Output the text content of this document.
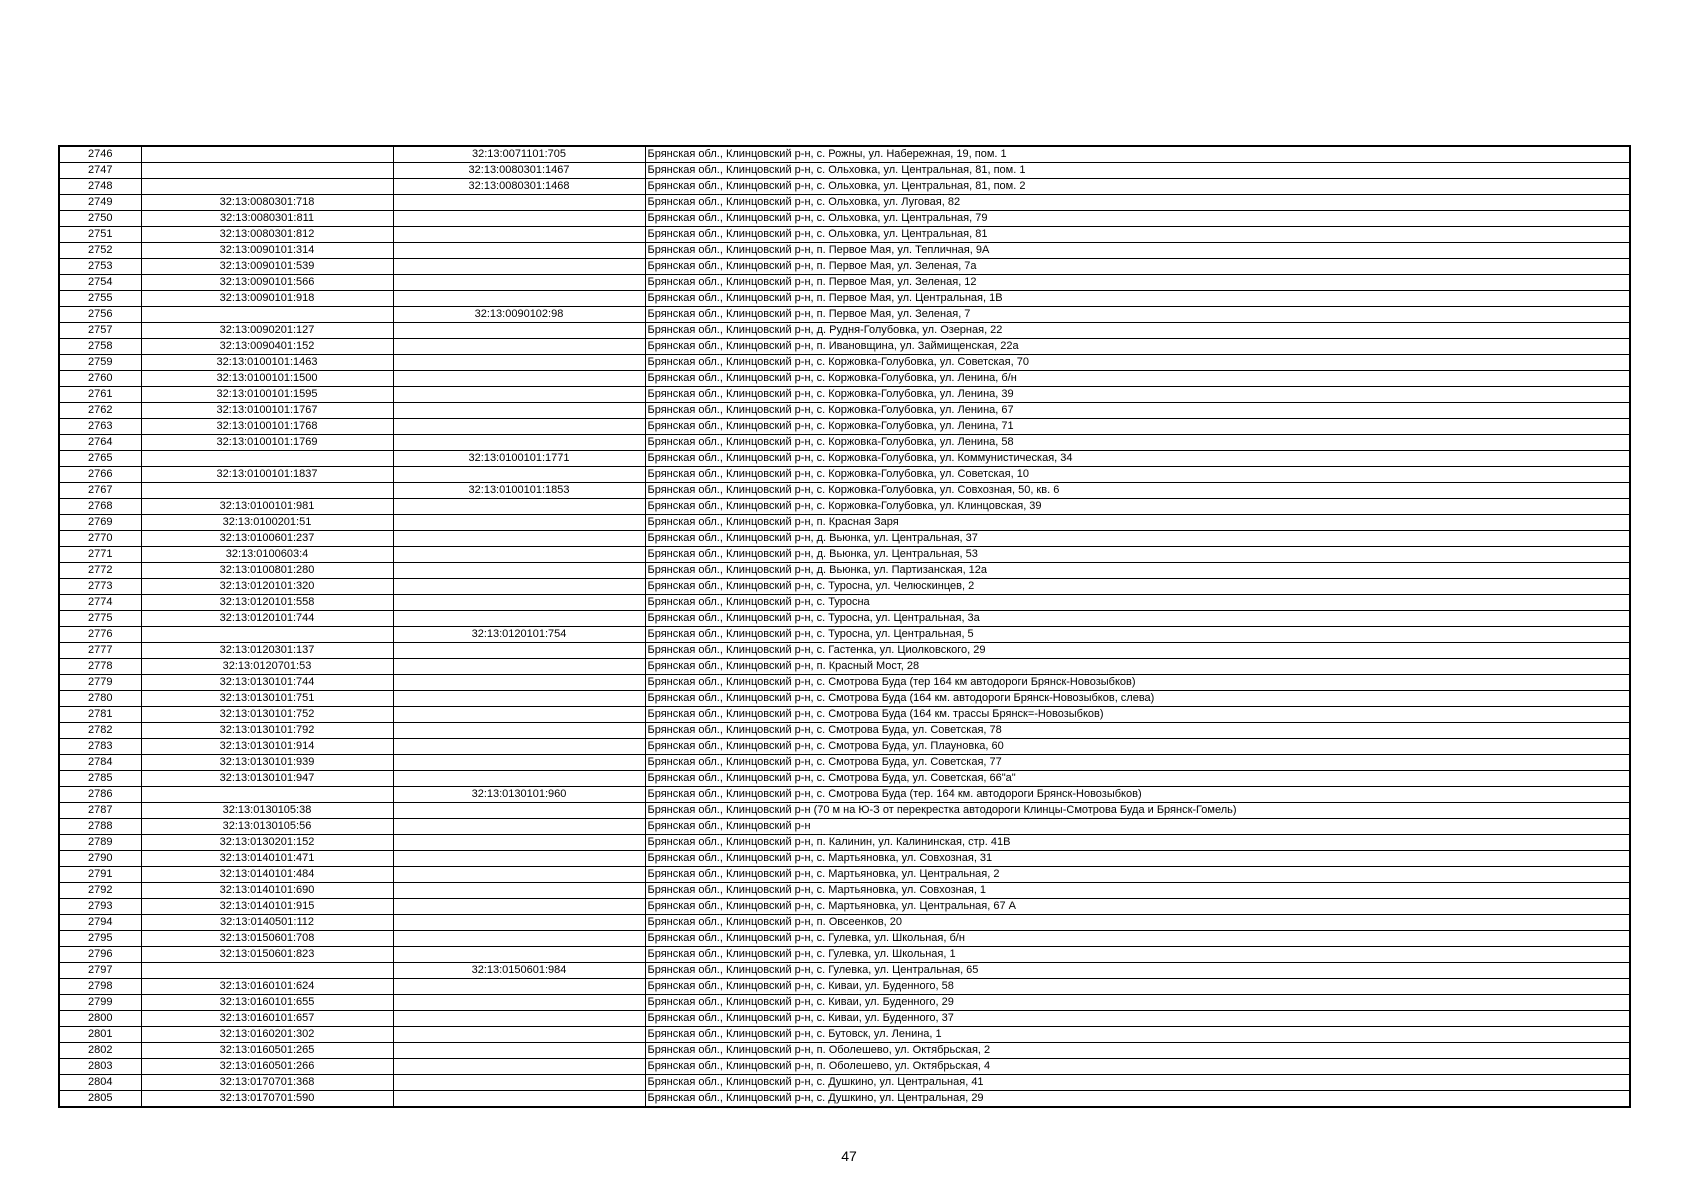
2746		32:13:0071101:705	Брянская обл., Клинцовский р-н, с. Рожны, ул. Набережная, 19, пом. 1
2747		32:13:0080301:1467	Брянская обл., Клинцовский р-н, с. Ольховка, ул. Центральная, 81, пом. 1
2748		32:13:0080301:1468	Брянская обл., Клинцовский р-н, с. Ольховка, ул. Центральная, 81, пом. 2
2749	32:13:0080301:718		Брянская обл., Клинцовский р-н, с. Ольховка, ул. Луговая, 82
2750	32:13:0080301:811		Брянская обл., Клинцовский р-н, с. Ольховка, ул. Центральная, 79
2751	32:13:0080301:812		Брянская обл., Клинцовский р-н, с. Ольховка, ул. Центральная, 81
2752	32:13:0090101:314		Брянская обл., Клинцовский р-н, п. Первое Мая, ул. Тепличная, 9А
2753	32:13:0090101:539		Брянская обл., Клинцовский р-н, п. Первое Мая, ул. Зеленая, 7а
2754	32:13:0090101:566		Брянская обл., Клинцовский р-н, п. Первое Мая, ул. Зеленая, 12
2755	32:13:0090101:918		Брянская обл., Клинцовский р-н, п. Первое Мая, ул. Центральная, 1В
2756		32:13:0090102:98	Брянская обл., Клинцовский р-н, п. Первое Мая, ул. Зеленая, 7
2757	32:13:0090201:127		Брянская обл., Клинцовский р-н, д. Рудня-Голубовка, ул. Озерная, 22
2758	32:13:0090401:152		Брянская обл., Клинцовский р-н, п. Ивановщина, ул. Займищенская, 22а
2759	32:13:0100101:1463		Брянская обл., Клинцовский р-н, с. Коржовка-Голубовка, ул. Советская, 70
2760	32:13:0100101:1500		Брянская обл., Клинцовский р-н, с. Коржовка-Голубовка, ул. Ленина, б/н
2761	32:13:0100101:1595		Брянская обл., Клинцовский р-н, с. Коржовка-Голубовка, ул. Ленина, 39
2762	32:13:0100101:1767		Брянская обл., Клинцовский р-н, с. Коржовка-Голубовка, ул. Ленина, 67
2763	32:13:0100101:1768		Брянская обл., Клинцовский р-н, с. Коржовка-Голубовка, ул. Ленина, 71
2764	32:13:0100101:1769		Брянская обл., Клинцовский р-н, с. Коржовка-Голубовка, ул. Ленина, 58
2765		32:13:0100101:1771	Брянская обл., Клинцовский р-н, с. Коржовка-Голубовка, ул. Коммунистическая, 34
2766	32:13:0100101:1837		Брянская обл., Клинцовский р-н, с. Коржовка-Голубовка, ул. Советская, 10
2767		32:13:0100101:1853	Брянская обл., Клинцовский р-н, с. Коржовка-Голубовка, ул. Совхозная, 50, кв. 6
2768	32:13:0100101:981		Брянская обл., Клинцовский р-н, с. Коржовка-Голубовка, ул. Клинцовская, 39
2769	32:13:0100201:51		Брянская обл., Клинцовский р-н, п. Красная Заря
2770	32:13:0100601:237		Брянская обл., Клинцовский р-н, д. Вьюнка, ул. Центральная, 37
2771	32:13:0100603:4		Брянская обл., Клинцовский р-н, д. Вьюнка, ул. Центральная, 53
2772	32:13:0100801:280		Брянская обл., Клинцовский р-н, д. Вьюнка, ул. Партизанская, 12а
2773	32:13:0120101:320		Брянская обл., Клинцовский р-н, с. Туросна, ул. Челюскинцев, 2
2774	32:13:0120101:558		Брянская обл., Клинцовский р-н, с. Туросна
2775	32:13:0120101:744		Брянская обл., Клинцовский р-н, с. Туросна, ул. Центральная, 3а
2776		32:13:0120101:754	Брянская обл., Клинцовский р-н, с. Туросна, ул. Центральная, 5
2777	32:13:0120301:137		Брянская обл., Клинцовский р-н, с. Гастенка, ул. Циолковского, 29
2778	32:13:0120701:53		Брянская обл., Клинцовский р-н, п. Красный Мост, 28
2779	32:13:0130101:744		Брянская обл., Клинцовский р-н, с. Смотрова Буда (тер 164 км автодороги Брянск-Новозыбков)
2780	32:13:0130101:751		Брянская обл., Клинцовский р-н, с. Смотрова Буда (164 км. автодороги Брянск-Новозыбков, слева)
2781	32:13:0130101:752		Брянская обл., Клинцовский р-н, с. Смотрова Буда (164 км. трассы Брянск=-Новозыбков)
2782	32:13:0130101:792		Брянская обл., Клинцовский р-н, с. Смотрова Буда, ул. Советская, 78
2783	32:13:0130101:914		Брянская обл., Клинцовский р-н, с. Смотрова Буда, ул. Плауновка, 60
2784	32:13:0130101:939		Брянская обл., Клинцовский р-н, с. Смотрова Буда, ул. Советская, 77
2785	32:13:0130101:947		Брянская обл., Клинцовский р-н, с. Смотрова Буда, ул. Советская, 66"а"
2786		32:13:0130101:960	Брянская обл., Клинцовский р-н, с. Смотрова Буда (тер. 164 км. автодороги Брянск-Новозыбков)
2787	32:13:0130105:38		Брянская обл., Клинцовский р-н (70 м на Ю-З от перекрестка автодороги Клинцы-Смотрова Буда и Брянск-Гомель)
2788	32:13:0130105:56		Брянская обл., Клинцовский р-н
2789	32:13:0130201:152		Брянская обл., Клинцовский р-н, п. Калинин, ул. Калининская, стр. 41В
2790	32:13:0140101:471		Брянская обл., Клинцовский р-н, с. Мартьяновка, ул. Совхозная, 31
2791	32:13:0140101:484		Брянская обл., Клинцовский р-н, с. Мартьяновка, ул. Центральная, 2
2792	32:13:0140101:690		Брянская обл., Клинцовский р-н, с. Мартьяновка, ул. Совхозная, 1
2793	32:13:0140101:915		Брянская обл., Клинцовский р-н, с. Мартьяновка, ул. Центральная, 67 А
2794	32:13:0140501:112		Брянская обл., Клинцовский р-н, п. Овсеенков, 20
2795	32:13:0150601:708		Брянская обл., Клинцовский р-н, с. Гулевка, ул. Школьная, б/н
2796	32:13:0150601:823		Брянская обл., Клинцовский р-н, с. Гулевка, ул. Школьная, 1
2797		32:13:0150601:984	Брянская обл., Клинцовский р-н, с. Гулевка, ул. Центральная, 65
2798	32:13:0160101:624		Брянская обл., Клинцовский р-н, с. Киваи, ул. Буденного, 58
2799	32:13:0160101:655		Брянская обл., Клинцовский р-н, с. Киваи, ул. Буденного, 29
2800	32:13:0160101:657		Брянская обл., Клинцовский р-н, с. Киваи, ул. Буденного, 37
2801	32:13:0160201:302		Брянская обл., Клинцовский р-н, с. Бутовск, ул. Ленина, 1
2802	32:13:0160501:265		Брянская обл., Клинцовский р-н, п. Оболешево, ул. Октябрьская, 2
2803	32:13:0160501:266		Брянская обл., Клинцовский р-н, п. Оболешево, ул. Октябрьская, 4
2804	32:13:0170701:368		Брянская обл., Клинцовский р-н, с. Душкино, ул. Центральная, 41
2805	32:13:0170701:590		Брянская обл., Клинцовский р-н, с. Душкино, ул. Центральная, 29
47
